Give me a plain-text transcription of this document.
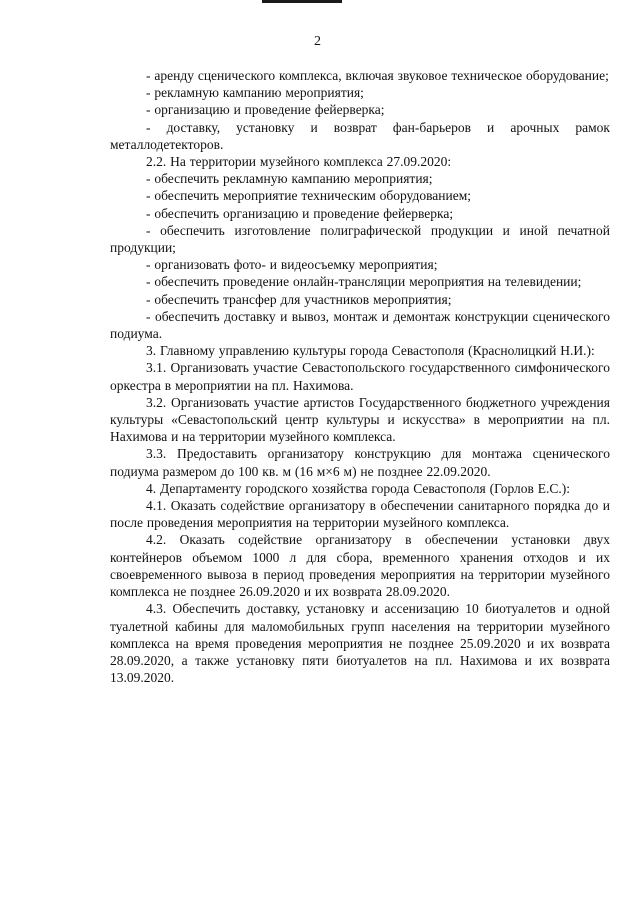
2

- аренду сценического комплекса, включая звуковое техническое оборудование;

- рекламную кампанию мероприятия;

- организацию и проведение фейерверка;

- доставку, установку и возврат фан-барьеров и арочных рамок металлодетекторов.

2.2. На территории музейного комплекса 27.09.2020:

- обеспечить рекламную кампанию мероприятия;

- обеспечить мероприятие техническим оборудованием;

- обеспечить организацию и проведение фейерверка;

- обеспечить изготовление полиграфической продукции и иной печатной продукции;

- организовать фото- и видеосъемку мероприятия;

- обеспечить проведение онлайн-трансляции мероприятия на телевидении;

- обеспечить трансфер для участников мероприятия;

- обеспечить доставку и вывоз, монтаж и демонтаж конструкции сценического подиума.

3. Главному управлению культуры города Севастополя (Краснолицкий Н.И.):

3.1. Организовать участие Севастопольского государственного симфонического оркестра в мероприятии на пл. Нахимова.

3.2. Организовать участие артистов Государственного бюджетного учреждения культуры «Севастопольский центр культуры и искусства» в мероприятии на пл. Нахимова и на территории музейного комплекса.

3.3. Предоставить организатору конструкцию для монтажа сценического подиума размером до 100 кв. м (16 м×6 м) не позднее 22.09.2020.

4. Департаменту городского хозяйства города Севастополя (Горлов Е.С.):

4.1. Оказать содействие организатору в обеспечении санитарного порядка до и после проведения мероприятия на территории музейного комплекса.

4.2. Оказать содействие организатору в обеспечении установки двух контейнеров объемом 1000 л для сбора, временного хранения отходов и их своевременного вывоза в период проведения мероприятия на территории музейного комплекса не позднее 26.09.2020 и их возврата 28.09.2020.

4.3. Обеспечить доставку, установку и ассенизацию 10 биотуалетов и одной туалетной кабины для маломобильных групп населения на территории музейного комплекса на время проведения мероприятия не позднее 25.09.2020 и их возврата 28.09.2020, а также установку пяти биотуалетов на пл. Нахимова и их возврата 13.09.2020.
